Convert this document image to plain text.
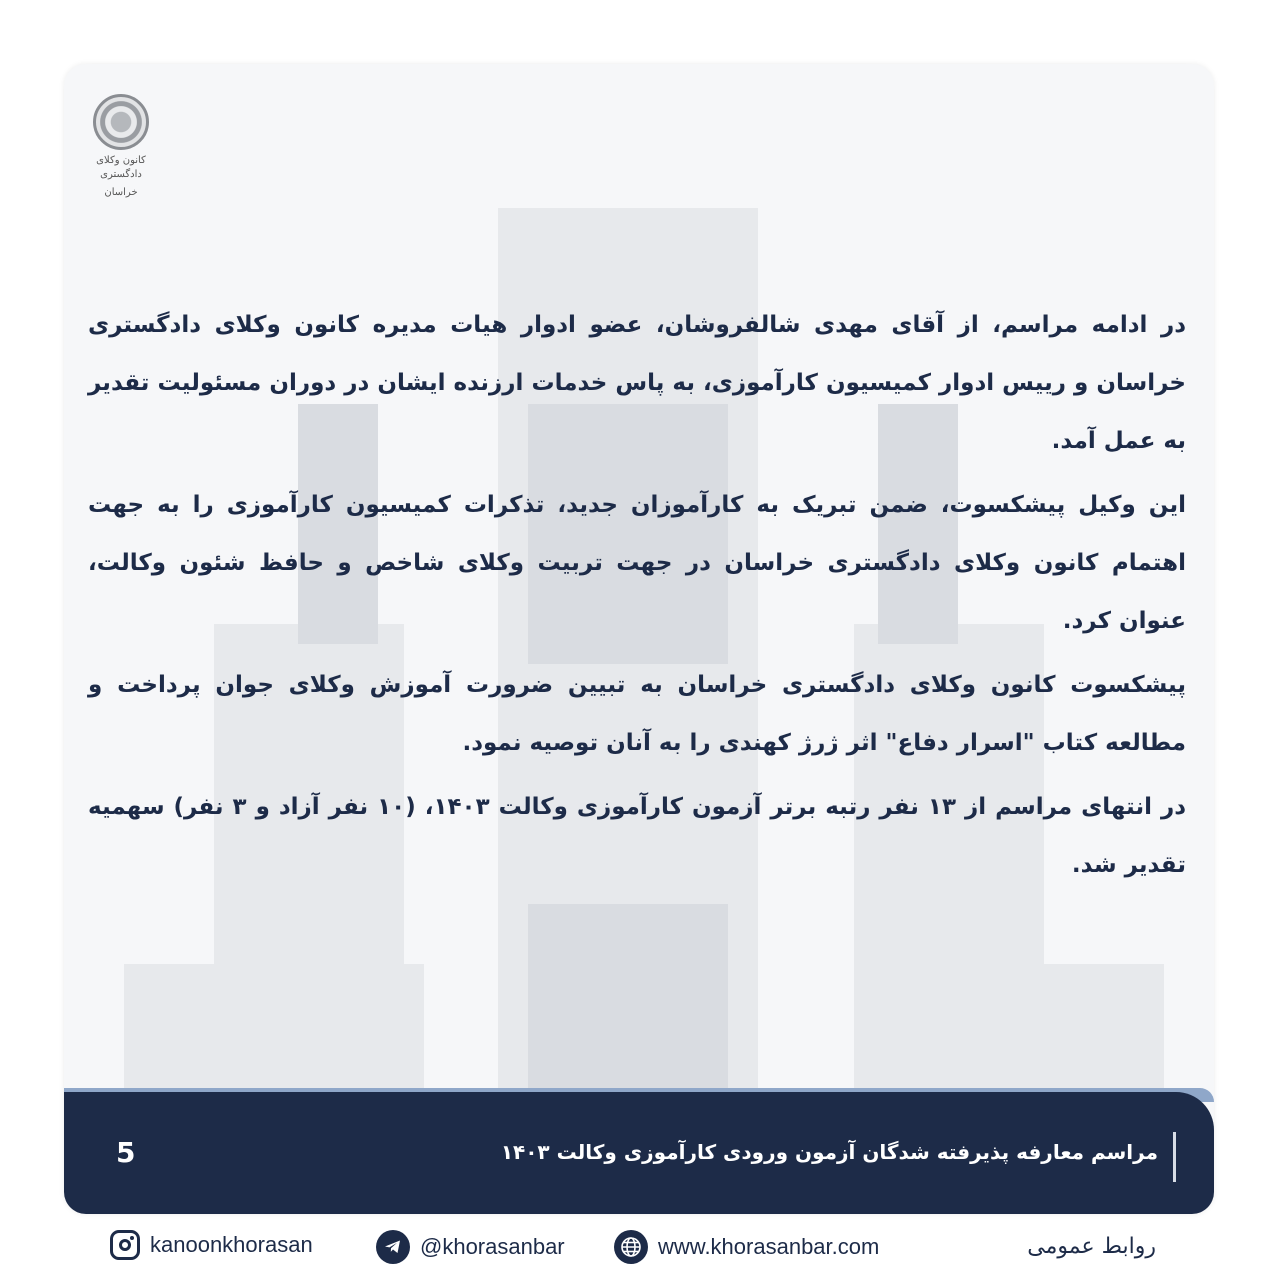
کانون وکلای دادگستری
خراسان

در ادامه مراسم، از آقای مهدی شالفروشان، عضو ادوار هیات مدیره کانون وکلای دادگستری خراسان و رییس ادوار کمیسیون کارآموزی، به پاس خدمات ارزنده ایشان در دوران مسئولیت تقدیر به عمل آمد.

این وکیل پیشکسوت، ضمن تبریک به کارآموزان جدید، تذکرات کمیسیون کارآموزی را به جهت اهتمام کانون وکلای دادگستری خراسان در جهت تربیت وکلای شاخص و حافظ شئون وکالت، عنوان کرد.

پیشکسوت کانون وکلای دادگستری خراسان به تبیین ضرورت آموزش وکلای جوان پرداخت و مطالعه کتاب "اسرار دفاع" اثر ژرژ کهندی را به آنان توصیه نمود.

در انتهای مراسم از ۱۳ نفر رتبه برتر آزمون کارآموزی وکالت ۱۴۰۳، (۱۰ نفر آزاد و ۳ نفر) سهمیه تقدیر شد.

مراسم معارفه پذیرفته شدگان آزمون ورودی کارآموزی وکالت ۱۴۰۳
5
kanoonkhorasan	@khorasanbar	www.khorasanbar.com	روابط عمومی
